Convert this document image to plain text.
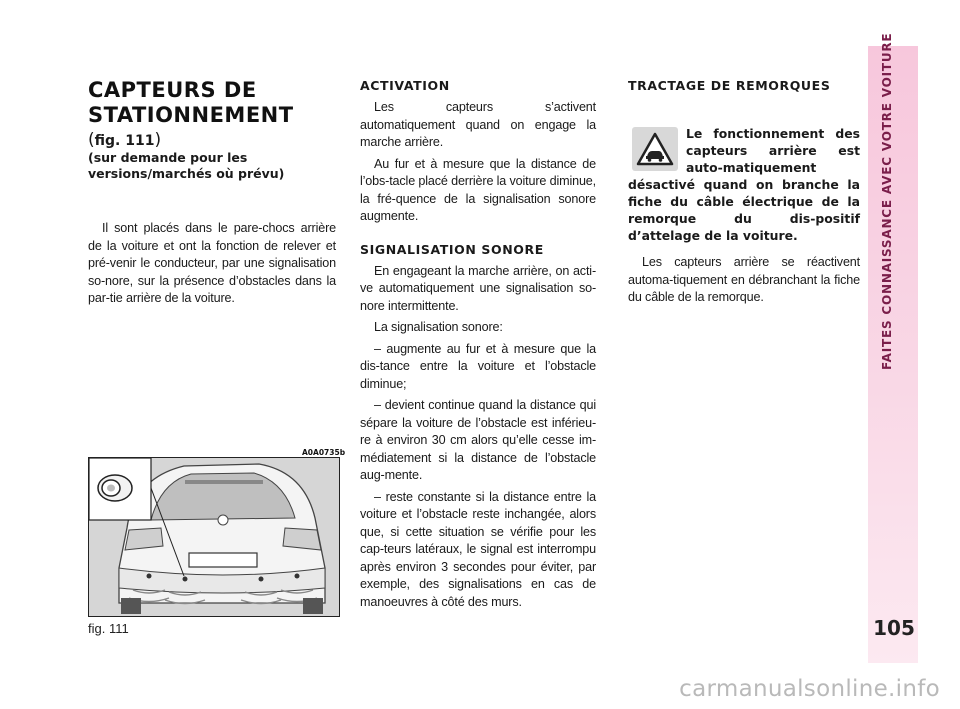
CAPTEURS DE
STATIONNEMENT
(fig. 111)
(sur demande pour les versions/marchés où prévu)

Il sont placés dans le pare-chocs arrière de la voiture et ont la fonction de relever et pré-venir le conducteur, par une signalisation so-nore, sur la présence d’obstacles dans la par-tie arrière de la voiture.

ACTIVATION

Les capteurs s’activent automatiquement quand on engage la marche arrière.

Au fur et à mesure que la distance de l’obs-tacle placé derrière la voiture diminue, la fré-quence de la signalisation sonore augmente.

SIGNALISATION SONORE

En engageant la marche arrière, on acti-ve automatiquement une signalisation so-nore intermittente.

La signalisation sonore:

– augmente au fur et à mesure que la dis-tance entre la voiture et l’obstacle diminue;

– devient continue quand la distance qui sépare la voiture de l’obstacle est inférieu-re à environ 30 cm alors qu’elle cesse im-médiatement si la distance de l’obstacle aug-mente.

– reste constante si la distance entre la voiture et l’obstacle reste inchangée, alors que, si cette situation se vérifie pour les cap-teurs latéraux, le signal est interrompu après environ 3 secondes pour éviter, par exemple, des signalisations en cas de manoeuvres à côté des murs.

TRACTAGE DE REMORQUES

Le fonctionnement des capteurs arrière est auto-matiquement désactivé quand on branche la fiche du câble électrique de la remorque du dis-positif d’attelage de la voiture.

Les capteurs arrière se réactivent automa-tiquement en débranchant la fiche du câble de la remorque.

A0A0735b
fig. 111
FAITES CONNAISSANCE AVEC VOTRE VOITURE
105
carmanualsonline.info
